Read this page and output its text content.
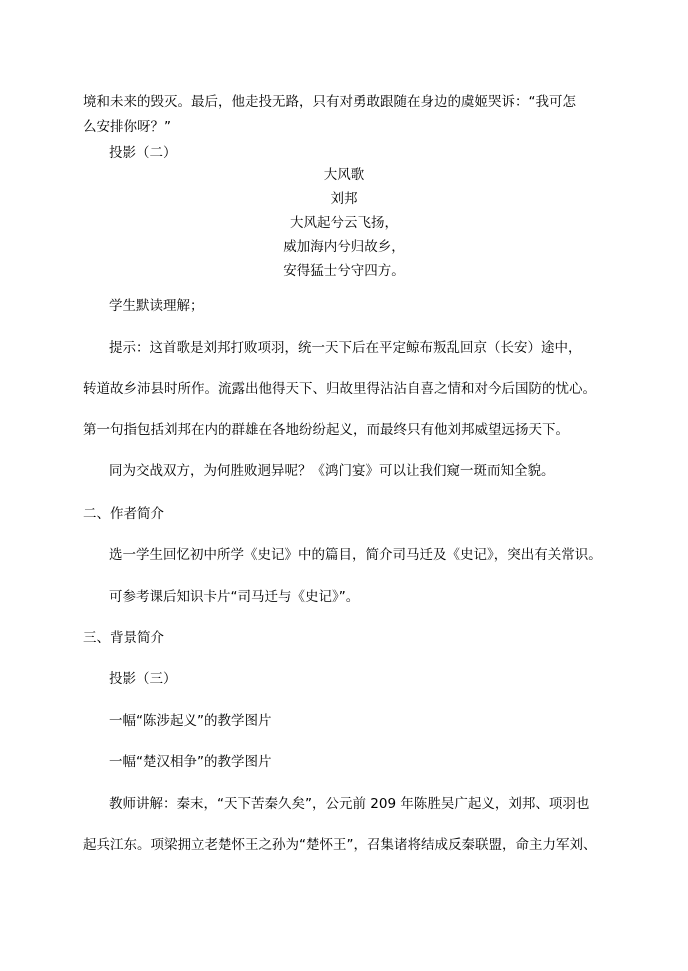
境和未来的毁灭。最后，他走投无路，只有对勇敢跟随在身边的虞姬哭诉：“我可怎
么安排你呀？”
投影（二）
大风歌
刘邦
大风起兮云飞扬，
威加海内兮归故乡，
安得猛士兮守四方。
学生默读理解；
提示：这首歌是刘邦打败项羽，统一天下后在平定鲸布叛乱回京（长安）途中，
转道故乡沛县时所作。流露出他得天下、归故里得沾沾自喜之情和对今后国防的忧心。
第一句指包括刘邦在内的群雄在各地纷纷起义，而最终只有他刘邦威望远扬天下。
同为交战双方，为何胜败迥异呢？《鸿门宴》可以让我们窥一斑而知全貌。
二、作者简介
选一学生回忆初中所学《史记》中的篇目，简介司马迁及《史记》，突出有关常识。
可参考课后知识卡片“司马迁与《史记》”。
三、背景简介
投影（三）
一幅“陈涉起义”的教学图片
一幅“楚汉相争”的教学图片
教师讲解：秦末，“天下苦秦久矣”，公元前 209 年陈胜吴广起义，刘邦、项羽也
起兵江东。项梁拥立老楚怀王之孙为“楚怀王”，召集诸将结成反秦联盟，命主力军刘、
